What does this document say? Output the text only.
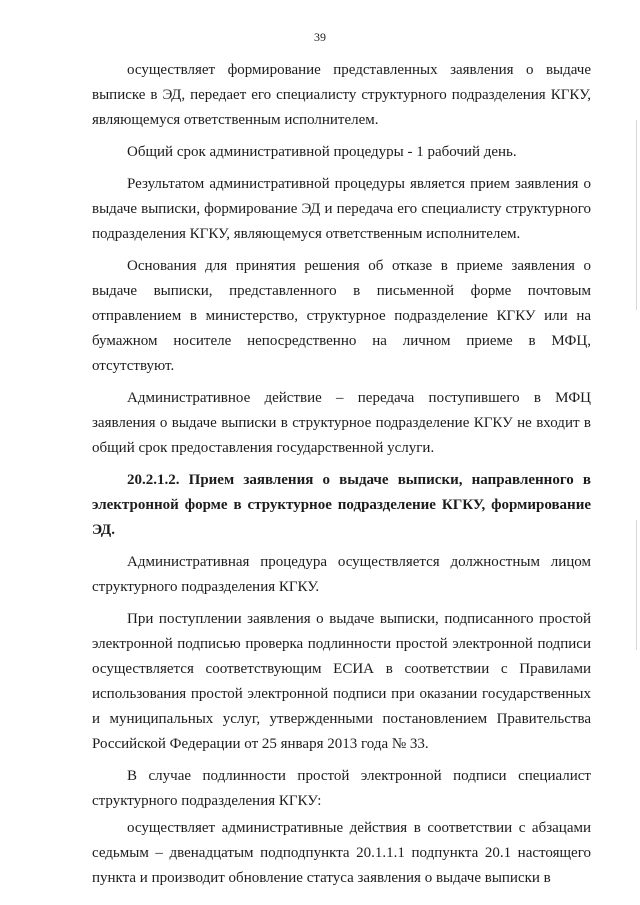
39

осуществляет формирование представленных заявления о выдаче выписке в ЭД, передает его специалисту структурного подразделения КГКУ, являющемуся ответственным исполнителем.

Общий срок административной процедуры - 1 рабочий день.

Результатом административной процедуры является прием заявления о выдаче выписки, формирование ЭД и передача его специалисту структурного подразделения КГКУ, являющемуся ответственным исполнителем.

Основания для принятия решения об отказе в приеме заявления о выдаче выписки, представленного в письменной форме почтовым отправлением в министерство, структурное подразделение КГКУ или на бумажном носителе непосредственно на личном приеме в МФЦ, отсутствуют.

Административное действие – передача поступившего в МФЦ заявления о выдаче выписки в структурное подразделение КГКУ не входит в общий срок предоставления государственной услуги.

20.2.1.2. Прием заявления о выдаче выписки, направленного в электронной форме в структурное подразделение КГКУ, формирование ЭД.

Административная процедура осуществляется должностным лицом структурного подразделения КГКУ.

При поступлении заявления о выдаче выписки, подписанного простой электронной подписью проверка подлинности простой электронной подписи осуществляется соответствующим ЕСИА в соответствии с Правилами использования простой электронной подписи при оказании государственных и муниципальных услуг, утвержденными постановлением Правительства Российской Федерации от 25 января 2013 года № 33.

В случае подлинности простой электронной подписи специалист структурного подразделения КГКУ:

осуществляет административные действия в соответствии с абзацами седьмым – двенадцатым подподпункта 20.1.1.1 подпункта 20.1 настоящего пункта и производит обновление статуса заявления о выдаче выписки в
